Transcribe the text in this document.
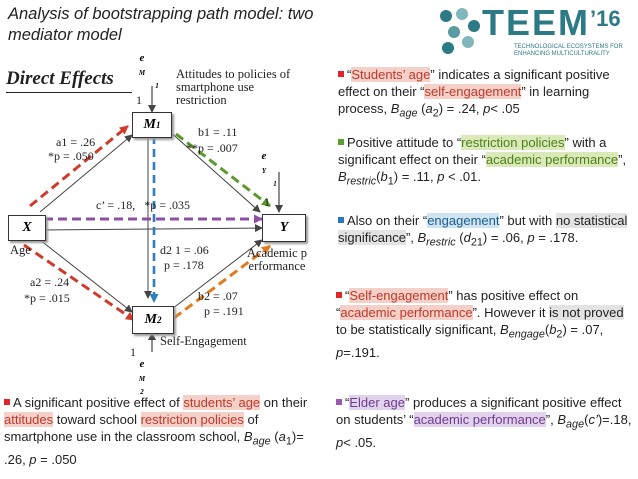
Analysis of bootstrapping path model: two mediator model	$TEEM^{’16}$
TECHNOLOGICAL ECOSYSTEMS FOR ENHANCING MULTICULTURALITY
Direct Effects
M 1
X	Y
M 2
e
M
1
e
Y
1
e
M
2
1
1
1
Attitudes to policies of smartphone use restriction
Age	Academic performance
Self-Engagement
a1 = .26
*p = .050
b1 = .11
**p = .007
c’ = .18,   *p = .035
d2 1 = .06
p = .178
a2 = .24
*p = .015	b2 = .07
p = .191
“Students’ age” indicates a significant positive effect on their “self-engagement” in learning process, $B_{age}$ $(a_2) = .24$, p< .05
Positive attitude to “restriction policies” with a significant effect on their “academic performance”, $B_{restric}(b_1) = .11$, p < .01.
Also on their “engagement” but with no statistical significance”, $B_{restric}$ $(d_{21}) = .06$, p = .178.
“Self-engagement” has positive effect on “academic performance”. However it is not proved to be statistically significant, $B_{engage}(b_2) = .07$, p=.191.
A significant positive effect of students’ age on their attitudes toward school restriction policies of smartphone use in the classroom school, $B_{age}$ $(a_1)= .26$, p = .050
“Elder age” produces a significant positive effect on students’ “academic performance”, $B_{age}(c’)=.18$, p< .05.
